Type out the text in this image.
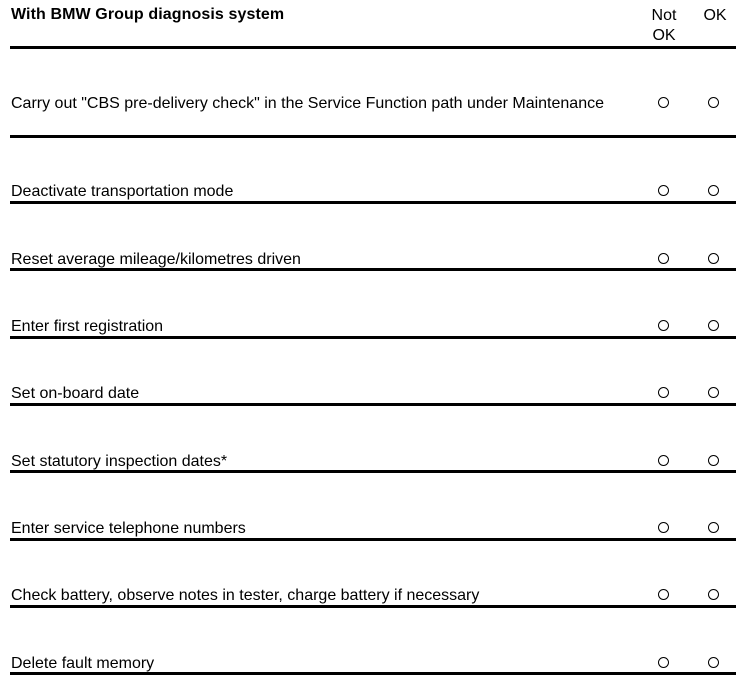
With BMW Group diagnosis system	Not
OK
OK
Carry out "CBS pre-delivery check" in the Service Function path under Maintenance
Deactivate transportation mode
Reset average mileage/kilometres driven
Enter first registration
Set on-board date
Set statutory inspection dates*
Enter service telephone numbers
Check battery, observe notes in tester, charge battery if necessary
Delete fault memory
